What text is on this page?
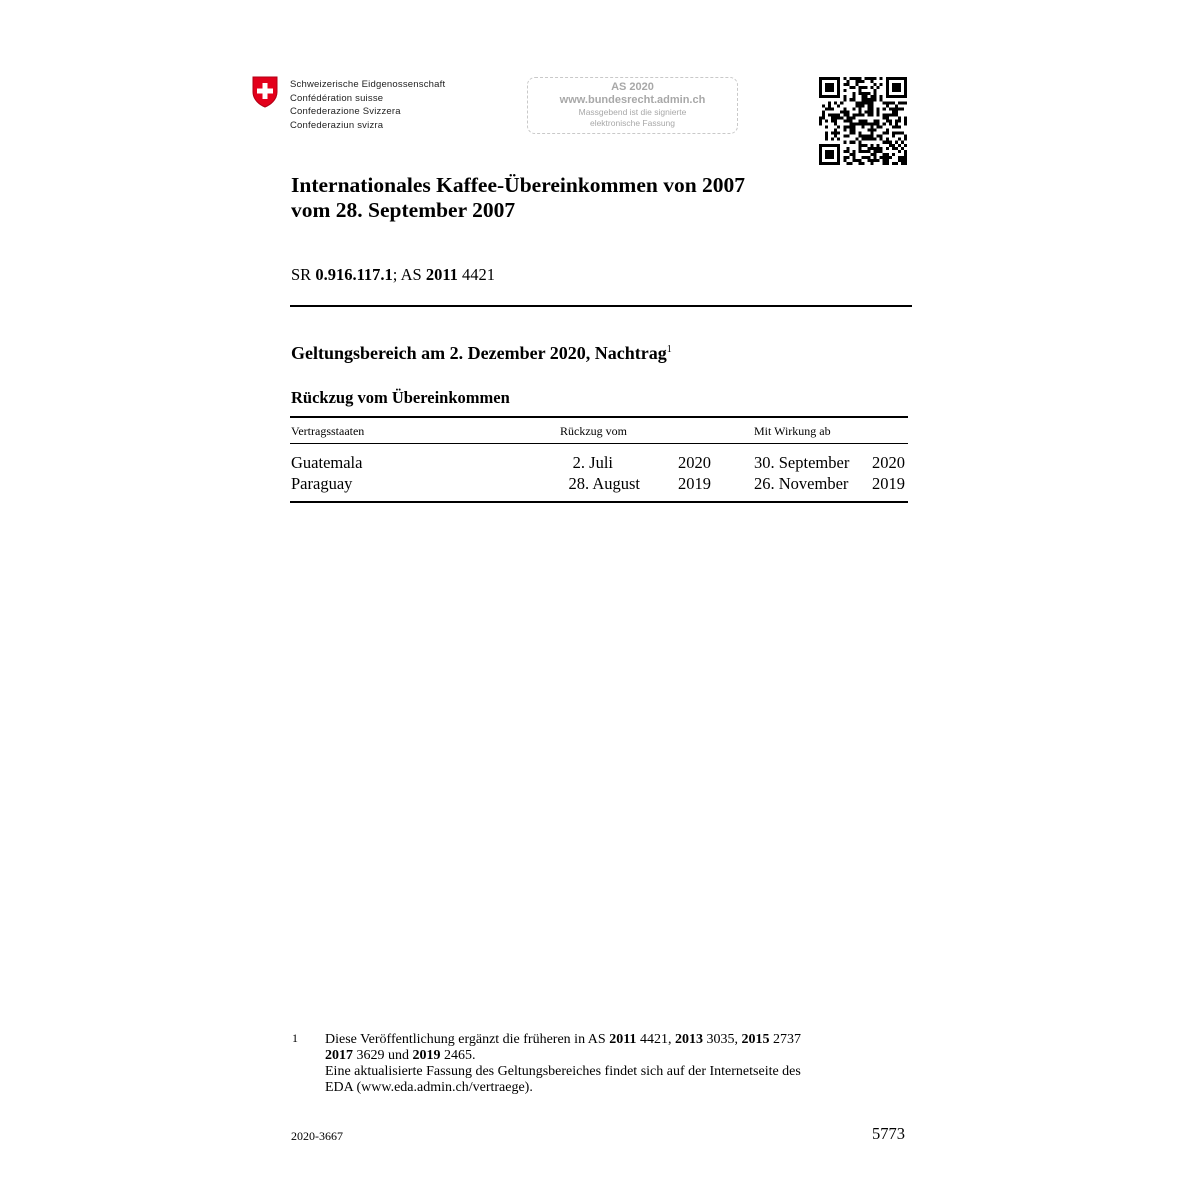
Schweizerische Eidgenossenschaft
Confédération suisse
Confederazione Svizzera
Confederaziun svizra
AS 2020
www.bundesrecht.admin.ch
Massgebend ist die signierte
elektronische Fassung
Internationales Kaffee-Übereinkommen von 2007
vom 28. September 2007
SR 0.916.117.1; AS 2011 4421
Geltungsbereich am 2. Dezember 2020, Nachtrag$^1$
Rückzug vom Übereinkommen
Vertragsstaaten	Rückzug vom	Mit Wirkung ab
Guatemala	2. Juli	2020	30. September	2020
Paraguay	28. August	2019	26. November	2019
1 Diese Veröffentlichung ergänzt die früheren in AS 2011 4421, 2013 3035, 2015 2737
2017 3629 und 2019 2465.
Eine aktualisierte Fassung des Geltungsbereiches findet sich auf der Internetseite des
EDA (www.eda.admin.ch/vertraege).
2020-3667	5773
